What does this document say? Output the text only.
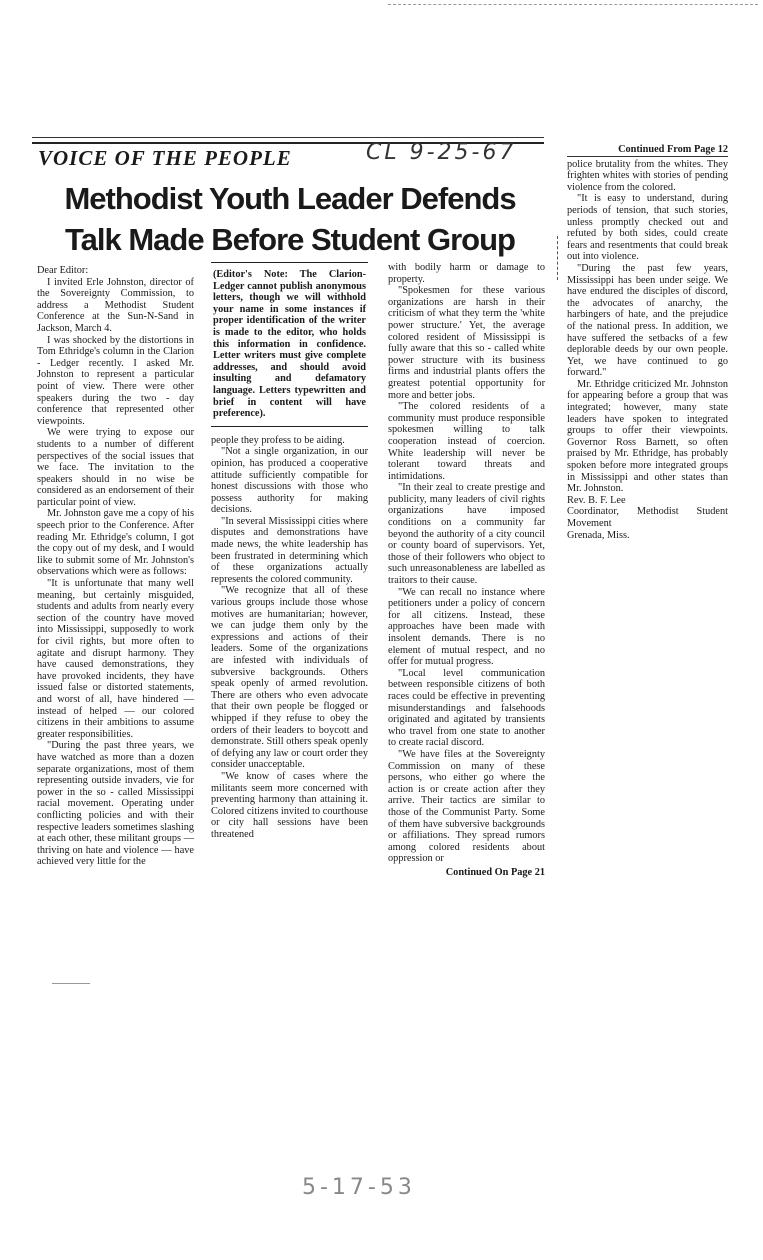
VOICE OF THE PEOPLE	CL 9-25-67
Methodist Youth Leader Defends Talk Made Before Student Group

Dear Editor:

I invited Erle Johnston, director of the Sovereignty Commission, to address a Methodist Student Conference at the Sun-N-Sand in Jackson, March 4.

I was shocked by the distortions in Tom Ethridge's column in the Clarion - Ledger recently. I asked Mr. Johnston to represent a particular point of view. There were other speakers during the two - day conference that represented other viewpoints.

We were trying to expose our students to a number of different perspectives of the social issues that we face. The invitation to the speakers should in no wise be considered as an endorsement of their particular point of view.

Mr. Johnston gave me a copy of his speech prior to the Conference. After reading Mr. Ethridge's column, I got the copy out of my desk, and I would like to submit some of Mr. Johnston's observations which were as follows:

"It is unfortunate that many well meaning, but certainly misguided, students and adults from nearly every section of the country have moved into Mississippi, supposedly to work for civil rights, but more often to agitate and disrupt harmony. They have caused demonstrations, they have provoked incidents, they have issued false or distorted statements, and worst of all, have hindered — instead of helped — our colored citizens in their ambitions to assume greater responsibilities.

"During the past three years, we have watched as more than a dozen separate organizations, most of them representing outside invaders, vie for power in the so - called Mississippi racial movement. Operating under conflicting policies and with their respective leaders sometimes slashing at each other, these militant groups — thriving on hate and violence — have achieved very little for the

(Editor's Note: The Clarion-Ledger cannot publish anonymous letters, though we will withhold your name in some instances if proper identification of the writer is made to the editor, who holds this information in confidence. Letter writers must give complete addresses, and should avoid insulting and defamatory language. Letters typewritten and brief in content will have preference).

people they profess to be aiding.

"Not a single organization, in our opinion, has produced a cooperative attitude sufficiently compatible for honest discussions with those who possess authority for making decisions.

"In several Mississippi cities where disputes and demonstrations have made news, the white leadership has been frustrated in determining which of these organizations actually represents the colored community.

"We recognize that all of these various groups include those whose motives are humanitarian; however, we can judge them only by the expressions and actions of their leaders. Some of the organizations are infested with individuals of subversive backgrounds. Others speak openly of armed revolution. There are others who even advocate that their own people be flogged or whipped if they refuse to obey the orders of their leaders to boycott and demonstrate. Still others speak openly of defying any law or court order they consider unacceptable.

"We know of cases where the militants seem more concerned with preventing harmony than attaining it. Colored citizens invited to courthouse or city hall sessions have been threatened

with bodily harm or damage to property.

"Spokesmen for these various organizations are harsh in their criticism of what they term the 'white power structure.' Yet, the average colored resident of Mississippi is fully aware that this so - called white power structure with its business firms and industrial plants offers the greatest potential opportunity for more and better jobs.

"The colored residents of a community must produce responsible spokesmen willing to talk cooperation instead of coercion. White leadership will never be tolerant toward threats and intimidations.

"In their zeal to create prestige and publicity, many leaders of civil rights organizations have imposed conditions on a community far beyond the authority of a city council or county board of supervisors. Yet, those of their followers who object to such unreasonableness are labelled as traitors to their cause.

"We can recall no instance where petitioners under a policy of concern for all citizens. Instead, these approaches have been made with insolent demands. There is no element of mutual respect, and no offer for mutual progress.

"Local level communication between responsible citizens of both races could be effective in preventing misunderstandings and falsehoods originated and agitated by transients who travel from one state to another to create racial discord.

"We have files at the Sovereignty Commission on many of these persons, who either go where the action is or create action after they arrive. Their tactics are similar to those of the Communist Party. Some of them have subversive backgrounds or affiliations. They spread rumors among colored residents about oppression or

Continued On Page 21
Continued From Page 12

police brutality from the whites. They frighten whites with stories of pending violence from the colored.

"It is easy to understand, during periods of tension, that such stories, unless promptly checked out and refuted by both sides, could create fears and resentments that could break out into violence.

"During the past few years, Mississippi has been under seige. We have endured the disciples of discord, the advocates of anarchy, the harbingers of hate, and the prejudice of the national press. In addition, we have suffered the setbacks of a few deplorable deeds by our own people. Yet, we have continued to go forward."

Mr. Ethridge criticized Mr. Johnston for appearing before a group that was integrated; however, many state leaders have spoken to integrated groups to offer their viewpoints. Governor Ross Barnett, so often praised by Mr. Ethridge, has probably spoken before more integrated groups in Mississippi and other states than Mr. Johnston.

Rev. B. F. Lee

Coordinator, Methodist Student Movement

Grenada, Miss.

5-17-53
